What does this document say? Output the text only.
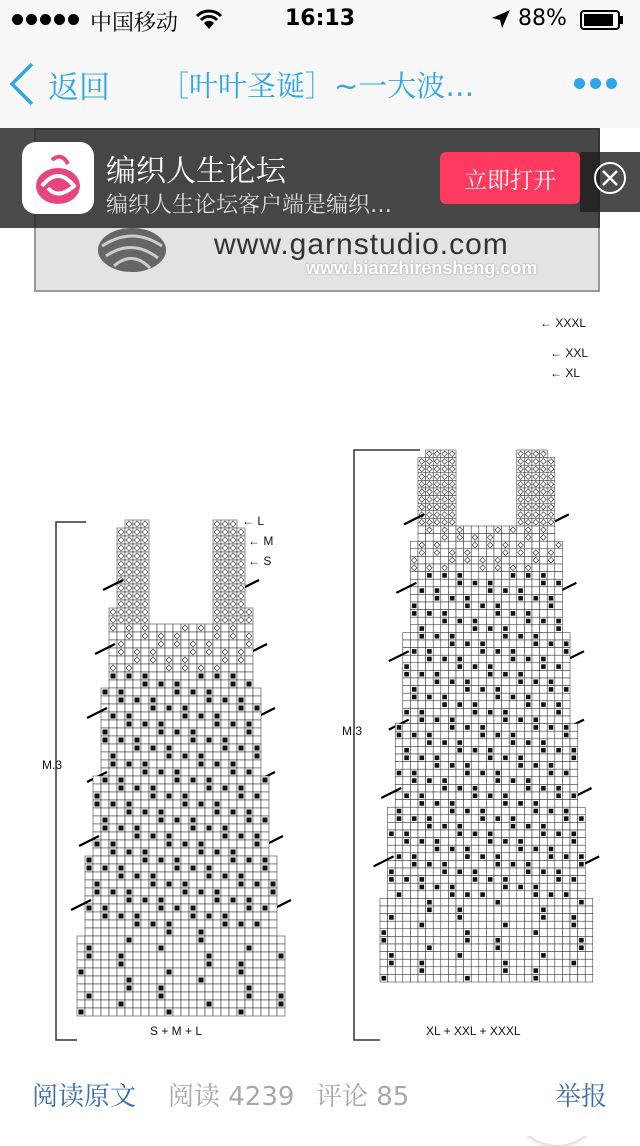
中国移动	16:13	88%
返回 ［叶叶圣诞］~一大波…
www.garnstudio.com
www.bianzhirensheng.com
编织人生论坛
编织人生论坛客户端是编织…
立即打开
M.3
S + M + L
← L
← M
← S
M.3
XL + XXL + XXXL
← XXXL
← XXL
← XL
阅读原文 阅读 4239 评论 85	举报
